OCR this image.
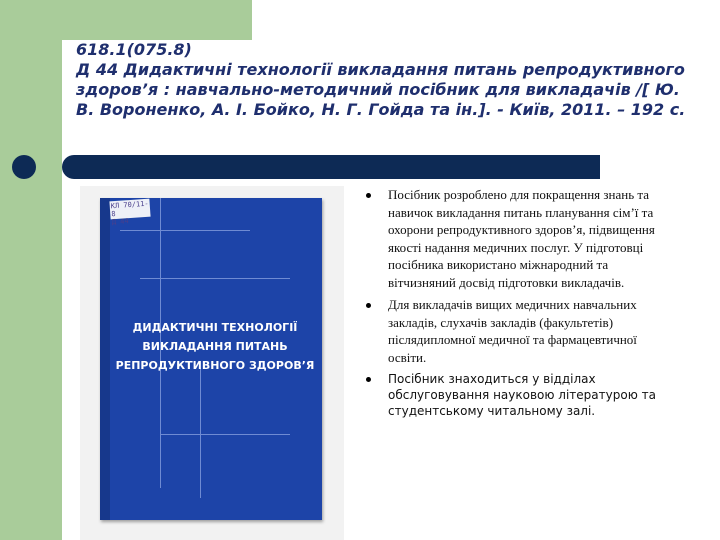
618.1(075.8)
Д 44 Дидактичні технології викладання питань репродуктивного здоров’я : навчально-методичний посібник для викладачів /[ Ю. В. Вороненко, А. І. Бойко, Н. Г. Гойда та ін.]. - Київ, 2011. – 192 с.
КЛ 70/11-8
Д 44
ДИДАКТИЧНІ ТЕХНОЛОГІЇ
ВИКЛАДАННЯ ПИТАНЬ
РЕПРОДУКТИВНОГО ЗДОРОВ’Я
Посібник розроблено для покращення знань та навичок викладання питань планування сім’ї та охорони репродуктивного здоров’я, підвищення якості надання медичних послуг. У підготовці посібника використано міжнародний та вітчизняний досвід підготовки викладачів.
Для викладачів вищих медичних навчальних закладів, слухачів закладів (факультетів) післядипломної медичної та фармацевтичної освіти.
Посібник знаходиться у відділах обслуговування науковою літературою та студентському читальному залі.
